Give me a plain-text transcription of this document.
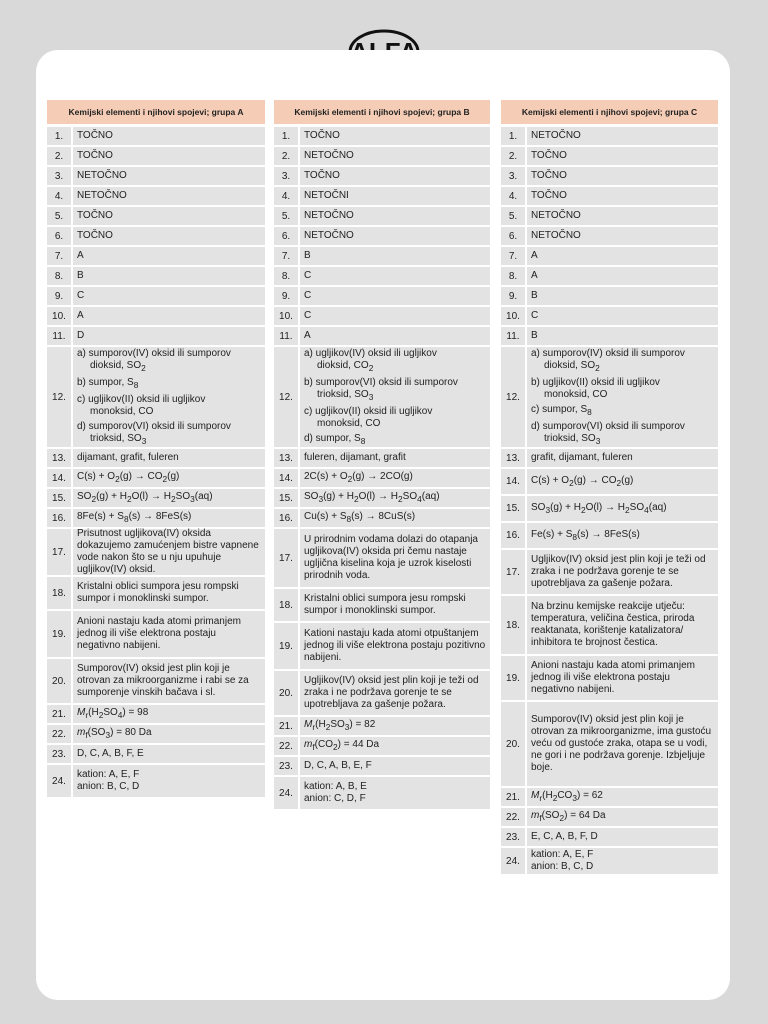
Kemijski elementi i njihovi spojevi; grupa A
1.	TOČNO
2.	TOČNO
3.	NETOČNO
4.	NETOČNO
5.	TOČNO
6.	TOČNO
7.	A
8.	B
9.	C
10.	A
11.	D
12.
a) sumporov(IV) oksid ili sumporov
dioksid, $SO_2$
b) sumpor, $S_8$
c) ugljikov(II) oksid ili ugljikov
monoksid, CO
d) sumporov(VI) oksid ili sumporov
trioksid, $SO_3$
13.	dijamant, grafit, fuleren
14.	$C(s) + O_2(g) \to CO_2(g)$
15.	$SO_2(g) + H_2O(l) \to H_2SO_3(aq)$
16.	$8Fe(s) + S_8(s) \to 8FeS(s)$
17.
Prisutnost ugljikova(IV) oksida dokazujemo zamućenjem bistre vapnene vode nakon što se u nju upuhuje ugljikov(IV) oksid.
18.
Kristalni oblici sumpora jesu rompski sumpor i monoklinski sumpor.
19.
Anioni nastaju kada atomi primanjem jednog ili više elektrona postaju negativno nabijeni.
20.
Sumporov(IV) oksid jest plin koji je otrovan za mikroorganizme i rabi se za sumporenje vinskih bačava i sl.
21.	$M_r(H_2SO_4) = 98$
22.	$m_f(SO_3) = 80$ Da
23.	D, C, A, B, F, E
24.
kation: A, E, F
anion: B, C, D
Kemijski elementi i njihovi spojevi; grupa B
1.	TOČNO
2.	NETOČNO
3.	TOČNO
4.	NETOČNI
5.	NETOČNO
6.	NETOČNO
7.	B
8.	C
9.	C
10.	C
11.	A
12.
a) ugljikov(IV) oksid ili ugljikov
dioksid, $CO_2$
b) sumporov(VI) oksid ili sumporov
trioksid, $SO_3$
c) ugljikov(II) oksid ili ugljikov
monoksid, CO
d) sumpor, $S_8$
13.	fuleren, dijamant, grafit
14.	$2C(s) + O_2(g) \to 2CO(g)$
15.	$SO_3(g) + H_2O(l) \to H_2SO_4(aq)$
16.	$Cu(s) + S_8(s) \to 8CuS(s)$
17.
U prirodnim vodama dolazi do otapanja ugljikova(IV) oksida pri čemu nastaje ugljična kiselina koja je uzrok kiselosti prirodnih voda.
18.
Kristalni oblici sumpora jesu rompski sumpor i monoklinski sumpor.
19.
Kationi nastaju kada atomi otpuštanjem jednog ili više elektrona postaju pozitivno nabijeni.
20.
Ugljikov(IV) oksid jest plin koji je teži od zraka i ne podržava gorenje te se upotrebljava za gašenje požara.
21.	$M_r(H_2SO_3) = 82$
22.	$m_f(CO_2) = 44$ Da
23.	D, C, A, B, E, F
24.
kation: A, B, E
anion: C, D, F
Kemijski elementi i njihovi spojevi; grupa C
1.	NETOČNO
2.	TOČNO
3.	TOČNO
4.	TOČNO
5.	NETOČNO
6.	NETOČNO
7.	A
8.	A
9.	B
10.	C
11.	B
12.
a) sumporov(IV) oksid ili sumporov
dioksid, $SO_2$
b) ugljikov(II) oksid ili ugljikov
monoksid, CO
c) sumpor, $S_8$
d) sumporov(VI) oksid ili sumporov
trioksid, $SO_3$
13.	grafit, dijamant, fuleren
14.	$C(s) + O_2(g) \to CO_2(g)$
15.	$SO_3(g) + H_2O(l) \to H_2SO_4(aq)$
16.	$Fe(s) + S_8(s) \to 8FeS(s)$
17.
Ugljikov(IV) oksid jest plin koji je teži od zraka i ne podržava gorenje te se upotrebljava za gašenje požara.
18.
Na brzinu kemijske reakcije utječu: temperatura, veličina čestica, priroda reaktanata, korištenje katalizatora/ inhibitora te brojnost čestica.
19.
Anioni nastaju kada atomi primanjem jednog ili više elektrona postaju negativno nabijeni.
20.
Sumporov(IV) oksid jest plin koji je otrovan za mikroorganizme, ima gustoću veću od gustoće zraka, otapa se u vodi, ne gori i ne podržava gorenje. Izbjeljuje boje.
21.	$M_r(H_2CO_3) = 62$
22.	$m_f(SO_2) = 64$ Da
23.	E, C, A, B, F, D
24.
kation: A, E, F
anion: B, C, D
